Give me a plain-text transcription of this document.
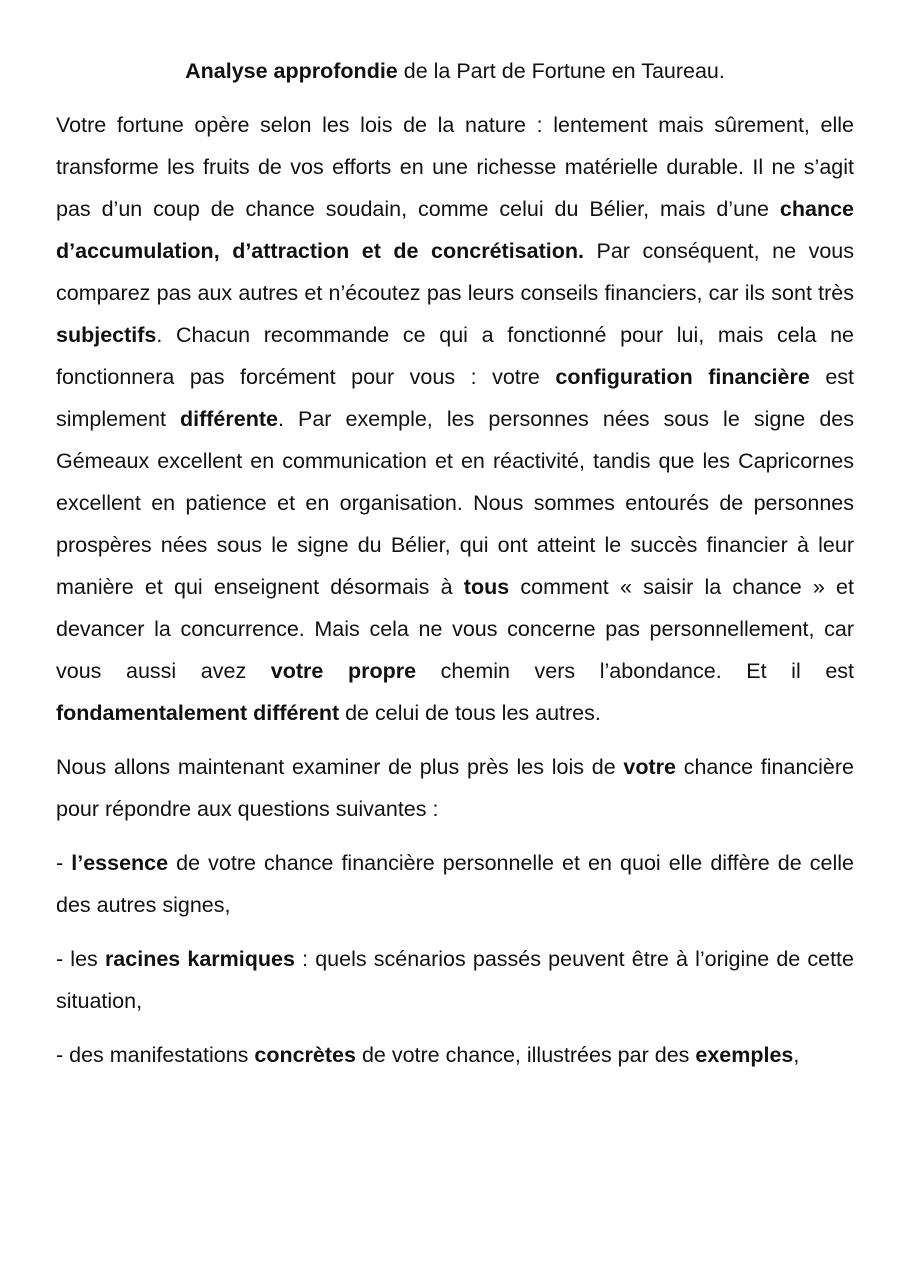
Analyse approfondie de la Part de Fortune en Taureau.

Votre fortune opère selon les lois de la nature : lentement mais sûrement, elle transforme les fruits de vos efforts en une richesse matérielle durable. Il ne s’agit pas d’un coup de chance soudain, comme celui du Bélier, mais d’une chance d’accumulation, d’attraction et de concrétisation. Par conséquent, ne vous comparez pas aux autres et n’écoutez pas leurs conseils financiers, car ils sont très subjectifs. Chacun recommande ce qui a fonctionné pour lui, mais cela ne fonctionnera pas forcément pour vous : votre configuration financière est simplement différente. Par exemple, les personnes nées sous le signe des Gémeaux excellent en communication et en réactivité, tandis que les Capricornes excellent en patience et en organisation. Nous sommes entourés de personnes prospères nées sous le signe du Bélier, qui ont atteint le succès financier à leur manière et qui enseignent désormais à tous comment « saisir la chance » et devancer la concurrence. Mais cela ne vous concerne pas personnellement, car vous aussi avez votre propre chemin vers l’abondance. Et il est fondamentalement différent de celui de tous les autres.

Nous allons maintenant examiner de plus près les lois de votre chance financière pour répondre aux questions suivantes :

- l’essence de votre chance financière personnelle et en quoi elle diffère de celle des autres signes,

- les racines karmiques : quels scénarios passés peuvent être à l’origine de cette situation,

- des manifestations concrètes de votre chance, illustrées par des exemples,
